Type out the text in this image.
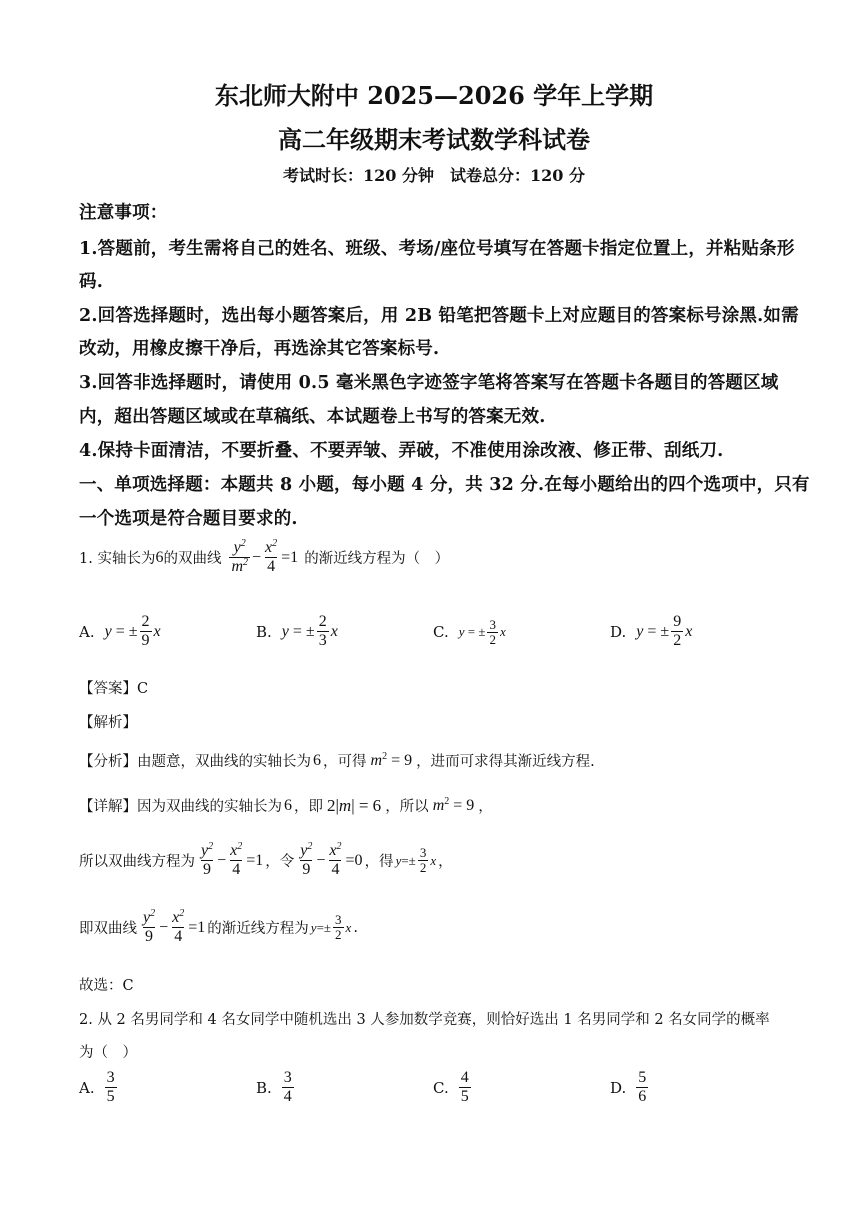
东北师大附中 2025—2026 学年上学期
高二年级期末考试数学科试卷
考试时长：120 分钟　试卷总分：120 分
注意事项：
1.答题前，考生需将自己的姓名、班级、考场/座位号填写在答题卡指定位置上，并粘贴条形
码.
2.回答选择题时，选出每小题答案后，用 2B 铅笔把答题卡上对应题目的答案标号涂黑.如需
改动，用橡皮擦干净后，再选涂其它答案标号.
3.回答非选择题时，请使用 0.5 毫米黑色字迹签字笔将答案写在答题卡各题目的答题区域
内，超出答题区域或在草稿纸、本试题卷上书写的答案无效.
4.保持卡面清洁，不要折叠、不要弄皱、弄破，不准使用涂改液、修正带、刮纸刀.
一、单项选择题：本题共 8 小题，每小题 4 分，共 32 分.在每小题给出的四个选项中，只有
一个选项是符合题目要求的.
1. 实轴长为 6 的双曲线 $\frac{y^2}{m^2} - \frac{x^2}{4} =1$ 的渐近线方程为（　）
A. y = ± $\frac{2}{9}$ x	B. y = ± $\frac{2}{3}$ x	C. y = ± $\frac{3}{2}$ x	D. y = ± $\frac{9}{2}$ x
【答案】C
【解析】
【分析】 由题意，双曲线的实轴长为 6 ，可得 $m^2 = 9$ ，进而可求得其渐近线方程.
【详解】 因为双曲线的实轴长为 6 ，即 2|m| = 6 ，所以 $m^2 = 9$ ，
所以双曲线方程为 $\frac{y^2}{9} - \frac{x^2}{4} =1$ ，令 $\frac{y^2}{9} - \frac{x^2}{4} =0$ ，得 $y =\pm \frac{3}{2}$ x ，
即双曲线 $\frac{y^2}{9} - \frac{x^2}{4} =1$ 的渐近线方程为 $y =\pm \frac{3}{2}$ x .
故选：C
2. 从 2 名男同学和 4 名女同学中随机选出 3 人参加数学竞赛，则恰好选出 1 名男同学和 2 名女同学的概率
为（　）
A. $\frac{3}{5}$	B. $\frac{3}{4}$	C. $\frac{4}{5}$	D. $\frac{5}{6}$
